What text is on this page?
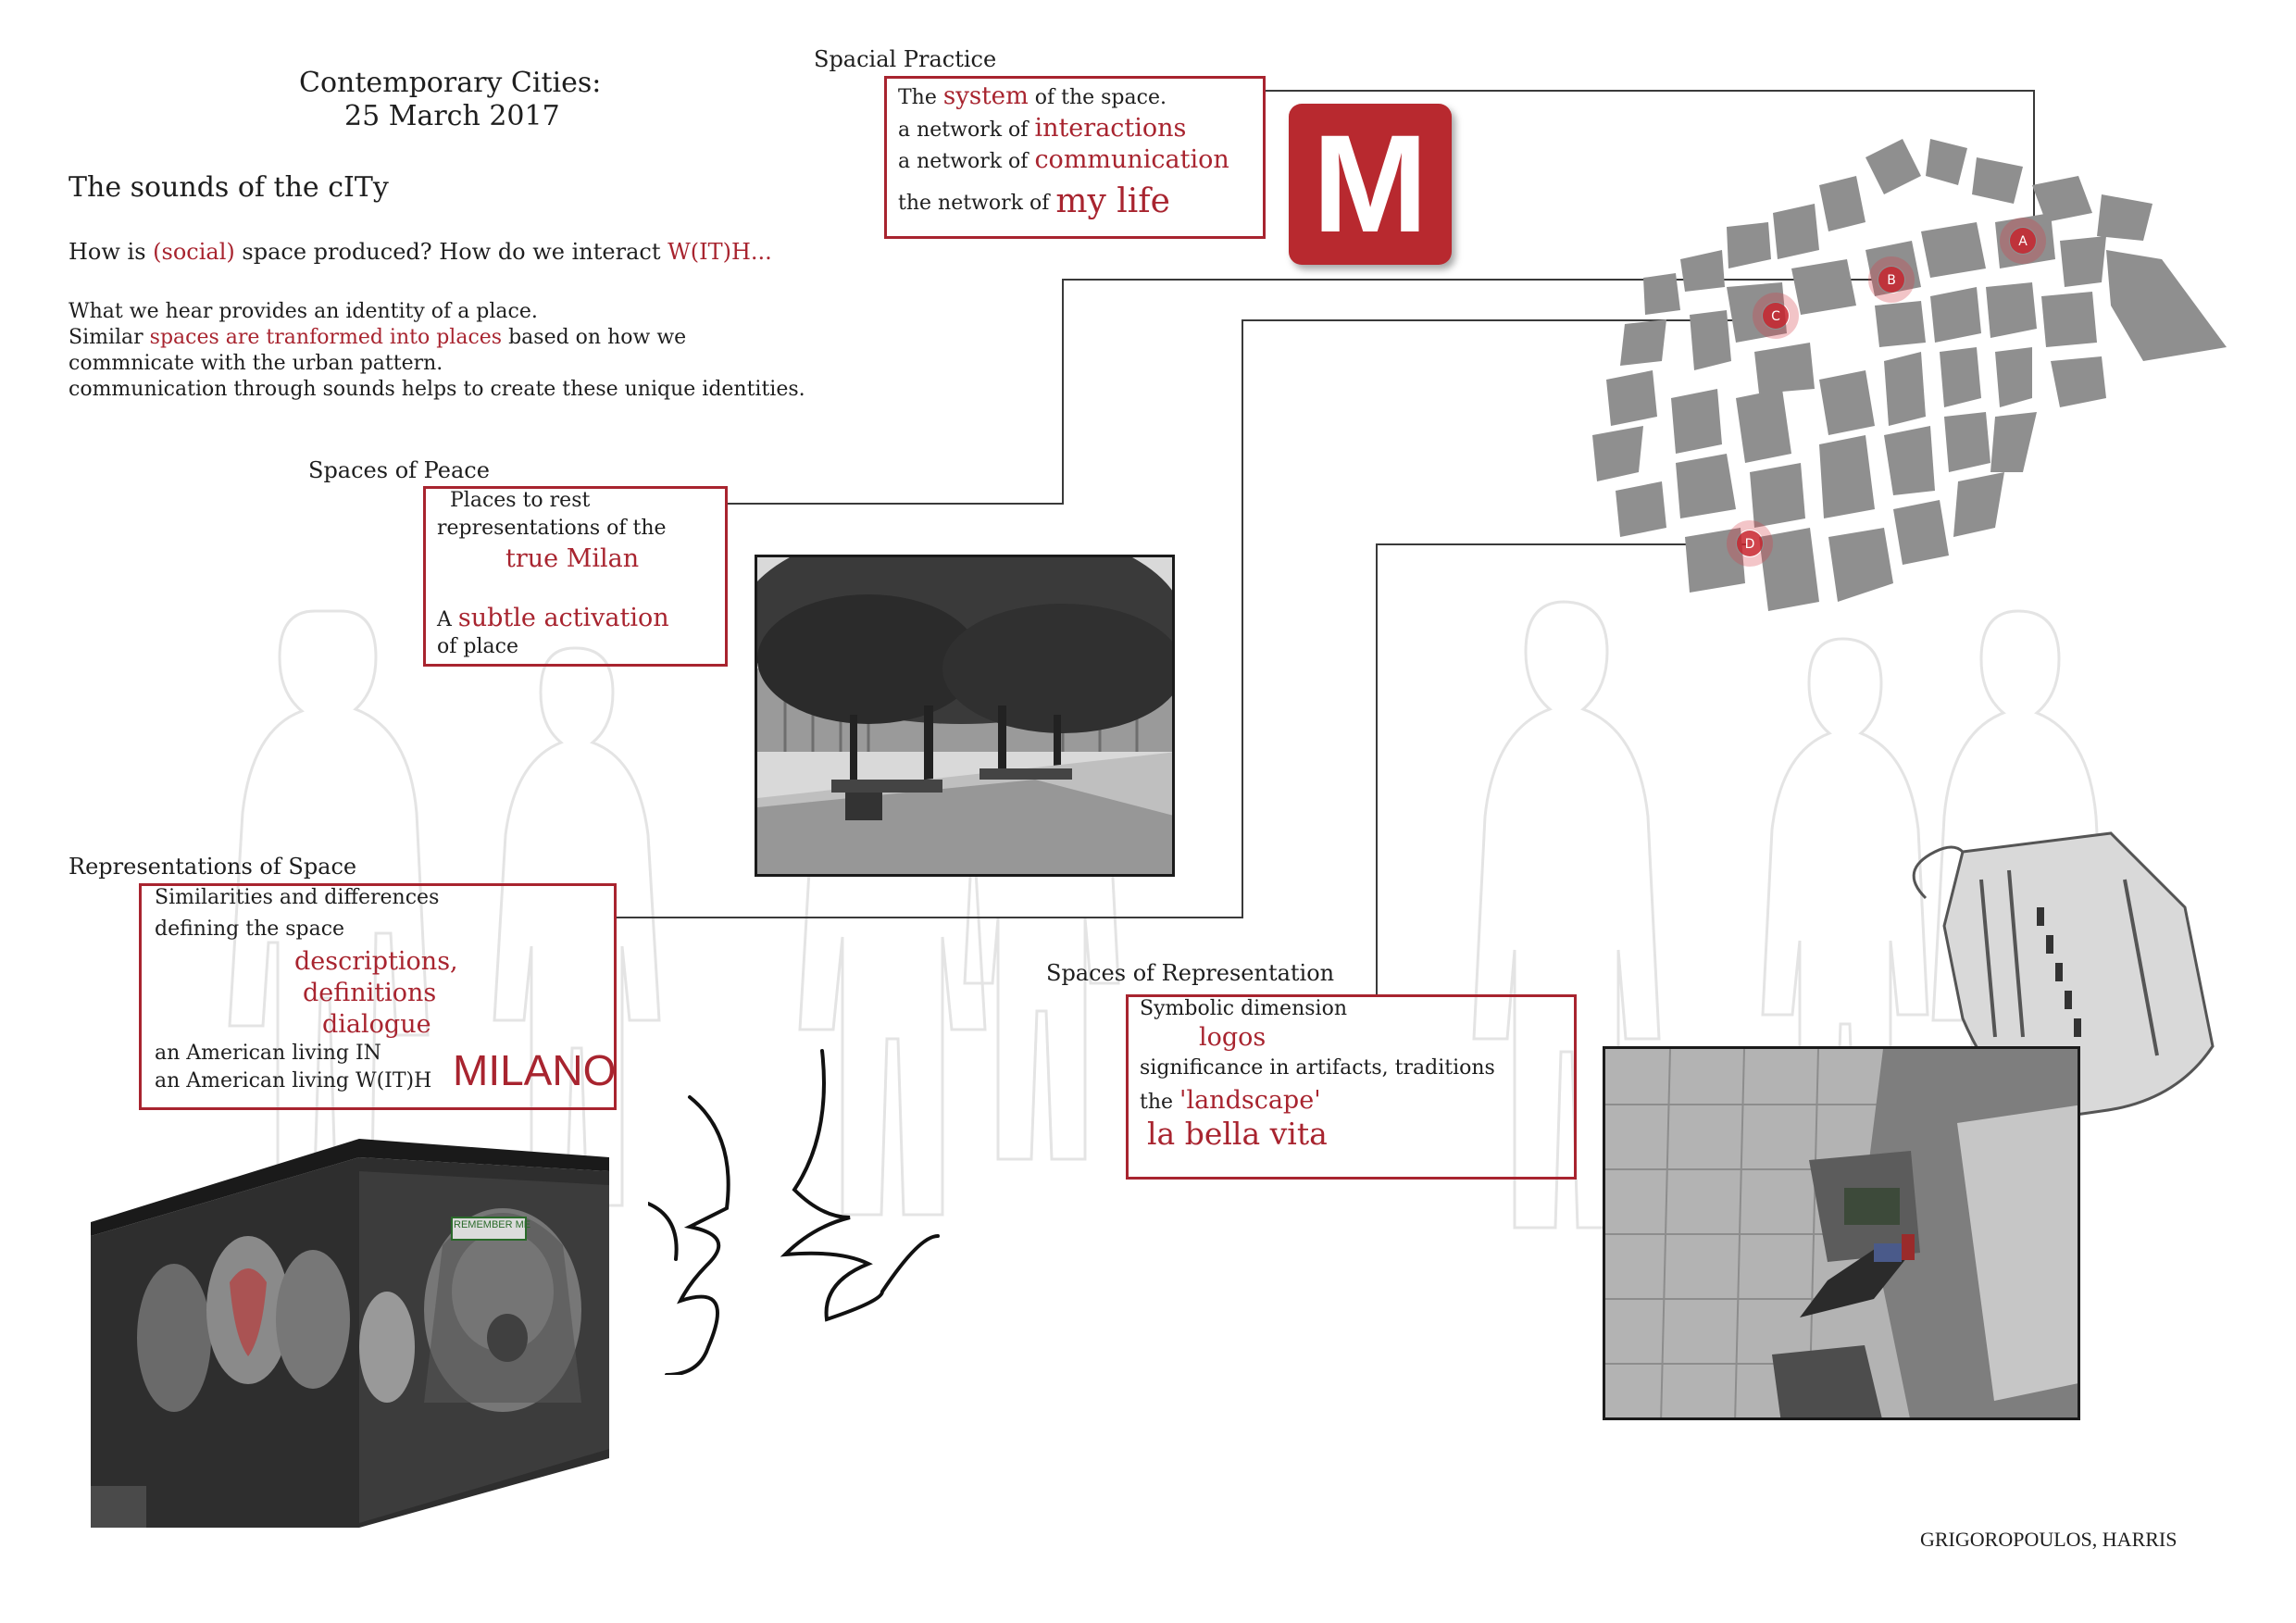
Contemporary Cities:
25 March 2017
The sounds of the cITy
How is (social) space produced? How do we interact W(IT)H...
What we hear provides an identity of a place.
Similar spaces are tranformed into places based on how we
commnicate with the urban pattern.
communication through sounds helps to create these unique identities.
Spacial Practice
The system of the space.
a network of interactions
a network of communication
the network of my life M	A
B
C
D
Spaces of Peace
Places to rest
representations of the
true Milan
A subtle activation
of place
Representations of Space
Similarities and differences
defining the space
descriptions,
definitions
dialogue
an American living IN
an American living W(IT)H MILANO
REMEMBER ME
Spaces of Representation
Symbolic dimension
logos
significance in artifacts, traditions
the 'landscape'
la bella vita
GRIGOROPOULOS, HARRIS
